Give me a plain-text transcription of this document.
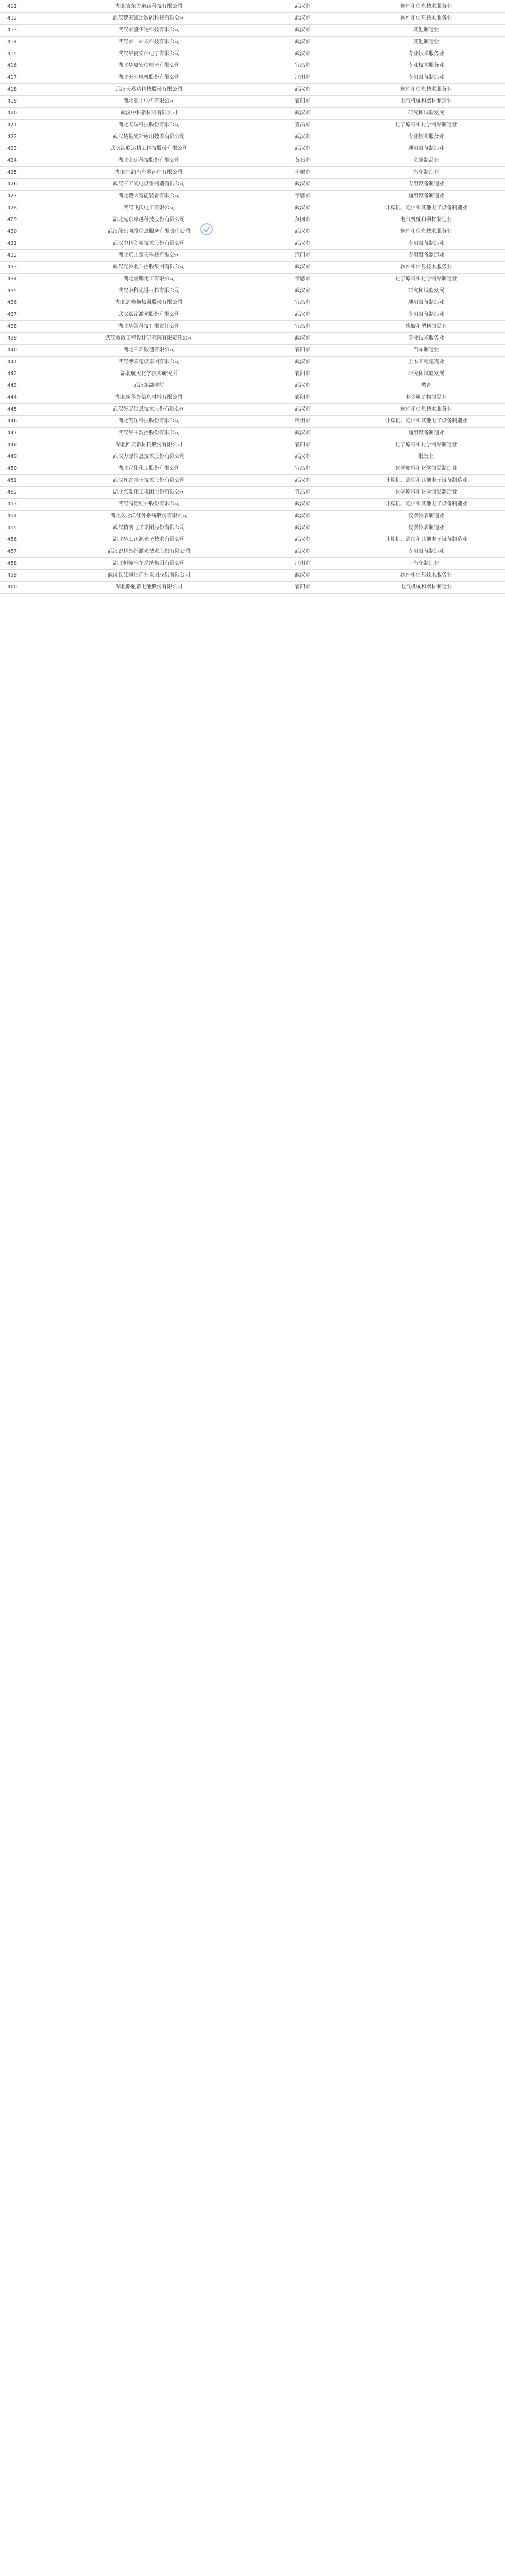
411	湖北省东方道路科技有限公司	武汉市	软件和信息技术服务业
412	武汉楚天凯达数码科技有限公司	武汉市	软件和信息技术服务业
413	武汉市盛华达科技有限公司	武汉市	其他制造业
414	武汉市一站式科技有限公司	武汉市	其他制造业
415	武汉华夏安信电子有限公司	武汉市	专业技术服务业
416	湖北华夏安信电子有限公司	宜昌市	专业技术服务业
417	湖北天河电机股份有限公司	荆州市	专用设备制造业
418	武汉天易达科技股份有限公司	武汉市	软件和信息技术服务业
419	湖北亚士电机有限公司	襄阳市	电气机械和器材制造业
420	武汉中科新材料有限公司	武汉市	研究和试验发展
421	湖北天瑞科技股份有限公司	宜昌市	化学原料和化学制品制造业
422	武汉楚星光纤应用技术有限公司	武汉市	专业技术服务业
423	武汉海联达精工科技股份有限公司	武汉市	通用设备制造业
424	湖北金达科技股份有限公司	黄石市	金属制品业
425	湖北恒润汽车零部件有限公司	十堰市	汽车制造业
426	武汉三工光电设备制造有限公司	武汉市	专用设备制造业
427	湖北楚大智能装备有限公司	孝感市	通用设备制造业
428	武汉飞沃电子有限公司	武汉市	计算机、通信和其他电子设备制造业
429	湖北远东卓越科技股份有限公司	黄冈市	电气机械和器材制造业
430	武汉绿色网络信息服务有限责任公司	武汉市	软件和信息技术服务业
431	武汉中科创新技术股份有限公司	武汉市	专用设备制造业
432	湖北京山楚天科技有限公司	荆门市	专用设备制造业
433	武汉光谷北斗控股集团有限公司	武汉市	软件和信息技术服务业
434	湖北金鹏化工有限公司	孝感市	化学原料和化学制品制造业
435	武汉中科先进材料有限公司	武汉市	研究和试验发展
436	湖北迪峰换热器股份有限公司	宜昌市	通用设备制造业
437	武汉嘉铭激光股份有限公司	武汉市	专用设备制造业
438	湖北华强科技有限责任公司	宜昌市	橡胶和塑料制品业
439	武汉市政工程设计研究院有限责任公司	武汉市	专业技术服务业
440	湖北三环锻造有限公司	襄阳市	汽车制造业
441	武汉博宏建设集团有限公司	武汉市	土木工程建筑业
442	湖北航天化学技术研究所	襄阳市	研究和试验发展
443	武汉东湖学院	武汉市	教育
444	湖北新华光信息材料有限公司	襄阳市	非金属矿物制品业
445	武汉光庭信息技术股份有限公司	武汉市	软件和信息技术服务业
446	湖北凯乐科技股份有限公司	荆州市	计算机、通信和其他电子设备制造业
447	武汉华中数控股份有限公司	武汉市	通用设备制造业
448	湖北回天新材料股份有限公司	襄阳市	化学原料和化学制品制造业
449	武汉力源信息技术股份有限公司	武汉市	批发业
450	湖北宜化化工股份有限公司	宜昌市	化学原料和化学制品制造业
451	武汉凡谷电子技术股份有限公司	武汉市	计算机、通信和其他电子设备制造业
452	湖北兴发化工集团股份有限公司	宜昌市	化学原料和化学制品制造业
453	武汉高德红外股份有限公司	武汉市	计算机、通信和其他电子设备制造业
454	湖北久之洋红外系统股份有限公司	武汉市	仪器仪表制造业
455	武汉精测电子集团股份有限公司	武汉市	仪器仪表制造业
456	湖北华工正源光子技术有限公司	武汉市	计算机、通信和其他电子设备制造业
457	武汉锐科光纤激光技术股份有限公司	武汉市	专用设备制造业
458	湖北恒隆汽车系统集团有限公司	荆州市	汽车制造业
459	武汉长江通信产业集团股份有限公司	武汉市	软件和信息技术服务业
460	湖北骆驼蓄电池股份有限公司	襄阳市	电气机械和器材制造业
